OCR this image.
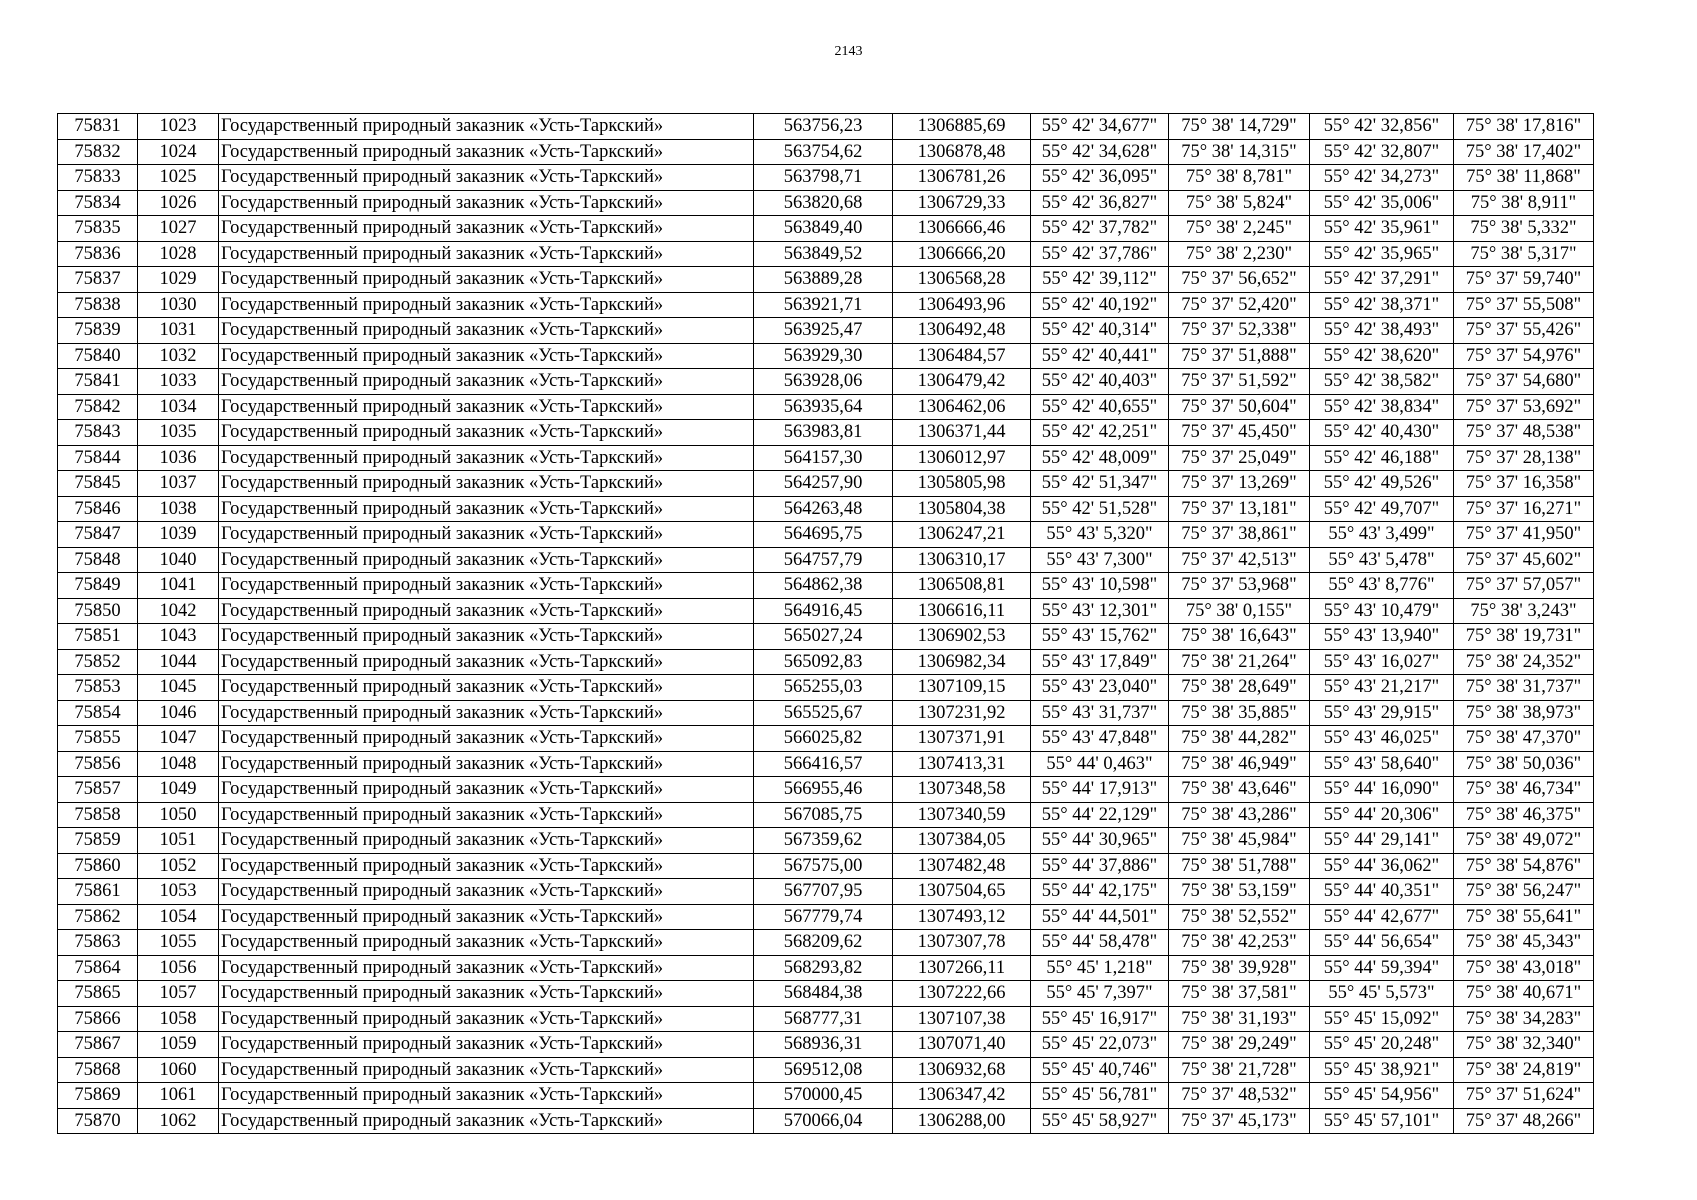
2143
75831	1023	Государственный природный заказник «Усть-Таркский»	563756,23	1306885,69	55° 42' 34,677"	75° 38' 14,729"	55° 42' 32,856"	75° 38' 17,816"
75832	1024	Государственный природный заказник «Усть-Таркский»	563754,62	1306878,48	55° 42' 34,628"	75° 38' 14,315"	55° 42' 32,807"	75° 38' 17,402"
75833	1025	Государственный природный заказник «Усть-Таркский»	563798,71	1306781,26	55° 42' 36,095"	75° 38' 8,781"	55° 42' 34,273"	75° 38' 11,868"
75834	1026	Государственный природный заказник «Усть-Таркский»	563820,68	1306729,33	55° 42' 36,827"	75° 38' 5,824"	55° 42' 35,006"	75° 38' 8,911"
75835	1027	Государственный природный заказник «Усть-Таркский»	563849,40	1306666,46	55° 42' 37,782"	75° 38' 2,245"	55° 42' 35,961"	75° 38' 5,332"
75836	1028	Государственный природный заказник «Усть-Таркский»	563849,52	1306666,20	55° 42' 37,786"	75° 38' 2,230"	55° 42' 35,965"	75° 38' 5,317"
75837	1029	Государственный природный заказник «Усть-Таркский»	563889,28	1306568,28	55° 42' 39,112"	75° 37' 56,652"	55° 42' 37,291"	75° 37' 59,740"
75838	1030	Государственный природный заказник «Усть-Таркский»	563921,71	1306493,96	55° 42' 40,192"	75° 37' 52,420"	55° 42' 38,371"	75° 37' 55,508"
75839	1031	Государственный природный заказник «Усть-Таркский»	563925,47	1306492,48	55° 42' 40,314"	75° 37' 52,338"	55° 42' 38,493"	75° 37' 55,426"
75840	1032	Государственный природный заказник «Усть-Таркский»	563929,30	1306484,57	55° 42' 40,441"	75° 37' 51,888"	55° 42' 38,620"	75° 37' 54,976"
75841	1033	Государственный природный заказник «Усть-Таркский»	563928,06	1306479,42	55° 42' 40,403"	75° 37' 51,592"	55° 42' 38,582"	75° 37' 54,680"
75842	1034	Государственный природный заказник «Усть-Таркский»	563935,64	1306462,06	55° 42' 40,655"	75° 37' 50,604"	55° 42' 38,834"	75° 37' 53,692"
75843	1035	Государственный природный заказник «Усть-Таркский»	563983,81	1306371,44	55° 42' 42,251"	75° 37' 45,450"	55° 42' 40,430"	75° 37' 48,538"
75844	1036	Государственный природный заказник «Усть-Таркский»	564157,30	1306012,97	55° 42' 48,009"	75° 37' 25,049"	55° 42' 46,188"	75° 37' 28,138"
75845	1037	Государственный природный заказник «Усть-Таркский»	564257,90	1305805,98	55° 42' 51,347"	75° 37' 13,269"	55° 42' 49,526"	75° 37' 16,358"
75846	1038	Государственный природный заказник «Усть-Таркский»	564263,48	1305804,38	55° 42' 51,528"	75° 37' 13,181"	55° 42' 49,707"	75° 37' 16,271"
75847	1039	Государственный природный заказник «Усть-Таркский»	564695,75	1306247,21	55° 43' 5,320"	75° 37' 38,861"	55° 43' 3,499"	75° 37' 41,950"
75848	1040	Государственный природный заказник «Усть-Таркский»	564757,79	1306310,17	55° 43' 7,300"	75° 37' 42,513"	55° 43' 5,478"	75° 37' 45,602"
75849	1041	Государственный природный заказник «Усть-Таркский»	564862,38	1306508,81	55° 43' 10,598"	75° 37' 53,968"	55° 43' 8,776"	75° 37' 57,057"
75850	1042	Государственный природный заказник «Усть-Таркский»	564916,45	1306616,11	55° 43' 12,301"	75° 38' 0,155"	55° 43' 10,479"	75° 38' 3,243"
75851	1043	Государственный природный заказник «Усть-Таркский»	565027,24	1306902,53	55° 43' 15,762"	75° 38' 16,643"	55° 43' 13,940"	75° 38' 19,731"
75852	1044	Государственный природный заказник «Усть-Таркский»	565092,83	1306982,34	55° 43' 17,849"	75° 38' 21,264"	55° 43' 16,027"	75° 38' 24,352"
75853	1045	Государственный природный заказник «Усть-Таркский»	565255,03	1307109,15	55° 43' 23,040"	75° 38' 28,649"	55° 43' 21,217"	75° 38' 31,737"
75854	1046	Государственный природный заказник «Усть-Таркский»	565525,67	1307231,92	55° 43' 31,737"	75° 38' 35,885"	55° 43' 29,915"	75° 38' 38,973"
75855	1047	Государственный природный заказник «Усть-Таркский»	566025,82	1307371,91	55° 43' 47,848"	75° 38' 44,282"	55° 43' 46,025"	75° 38' 47,370"
75856	1048	Государственный природный заказник «Усть-Таркский»	566416,57	1307413,31	55° 44' 0,463"	75° 38' 46,949"	55° 43' 58,640"	75° 38' 50,036"
75857	1049	Государственный природный заказник «Усть-Таркский»	566955,46	1307348,58	55° 44' 17,913"	75° 38' 43,646"	55° 44' 16,090"	75° 38' 46,734"
75858	1050	Государственный природный заказник «Усть-Таркский»	567085,75	1307340,59	55° 44' 22,129"	75° 38' 43,286"	55° 44' 20,306"	75° 38' 46,375"
75859	1051	Государственный природный заказник «Усть-Таркский»	567359,62	1307384,05	55° 44' 30,965"	75° 38' 45,984"	55° 44' 29,141"	75° 38' 49,072"
75860	1052	Государственный природный заказник «Усть-Таркский»	567575,00	1307482,48	55° 44' 37,886"	75° 38' 51,788"	55° 44' 36,062"	75° 38' 54,876"
75861	1053	Государственный природный заказник «Усть-Таркский»	567707,95	1307504,65	55° 44' 42,175"	75° 38' 53,159"	55° 44' 40,351"	75° 38' 56,247"
75862	1054	Государственный природный заказник «Усть-Таркский»	567779,74	1307493,12	55° 44' 44,501"	75° 38' 52,552"	55° 44' 42,677"	75° 38' 55,641"
75863	1055	Государственный природный заказник «Усть-Таркский»	568209,62	1307307,78	55° 44' 58,478"	75° 38' 42,253"	55° 44' 56,654"	75° 38' 45,343"
75864	1056	Государственный природный заказник «Усть-Таркский»	568293,82	1307266,11	55° 45' 1,218"	75° 38' 39,928"	55° 44' 59,394"	75° 38' 43,018"
75865	1057	Государственный природный заказник «Усть-Таркский»	568484,38	1307222,66	55° 45' 7,397"	75° 38' 37,581"	55° 45' 5,573"	75° 38' 40,671"
75866	1058	Государственный природный заказник «Усть-Таркский»	568777,31	1307107,38	55° 45' 16,917"	75° 38' 31,193"	55° 45' 15,092"	75° 38' 34,283"
75867	1059	Государственный природный заказник «Усть-Таркский»	568936,31	1307071,40	55° 45' 22,073"	75° 38' 29,249"	55° 45' 20,248"	75° 38' 32,340"
75868	1060	Государственный природный заказник «Усть-Таркский»	569512,08	1306932,68	55° 45' 40,746"	75° 38' 21,728"	55° 45' 38,921"	75° 38' 24,819"
75869	1061	Государственный природный заказник «Усть-Таркский»	570000,45	1306347,42	55° 45' 56,781"	75° 37' 48,532"	55° 45' 54,956"	75° 37' 51,624"
75870	1062	Государственный природный заказник «Усть-Таркский»	570066,04	1306288,00	55° 45' 58,927"	75° 37' 45,173"	55° 45' 57,101"	75° 37' 48,266"
